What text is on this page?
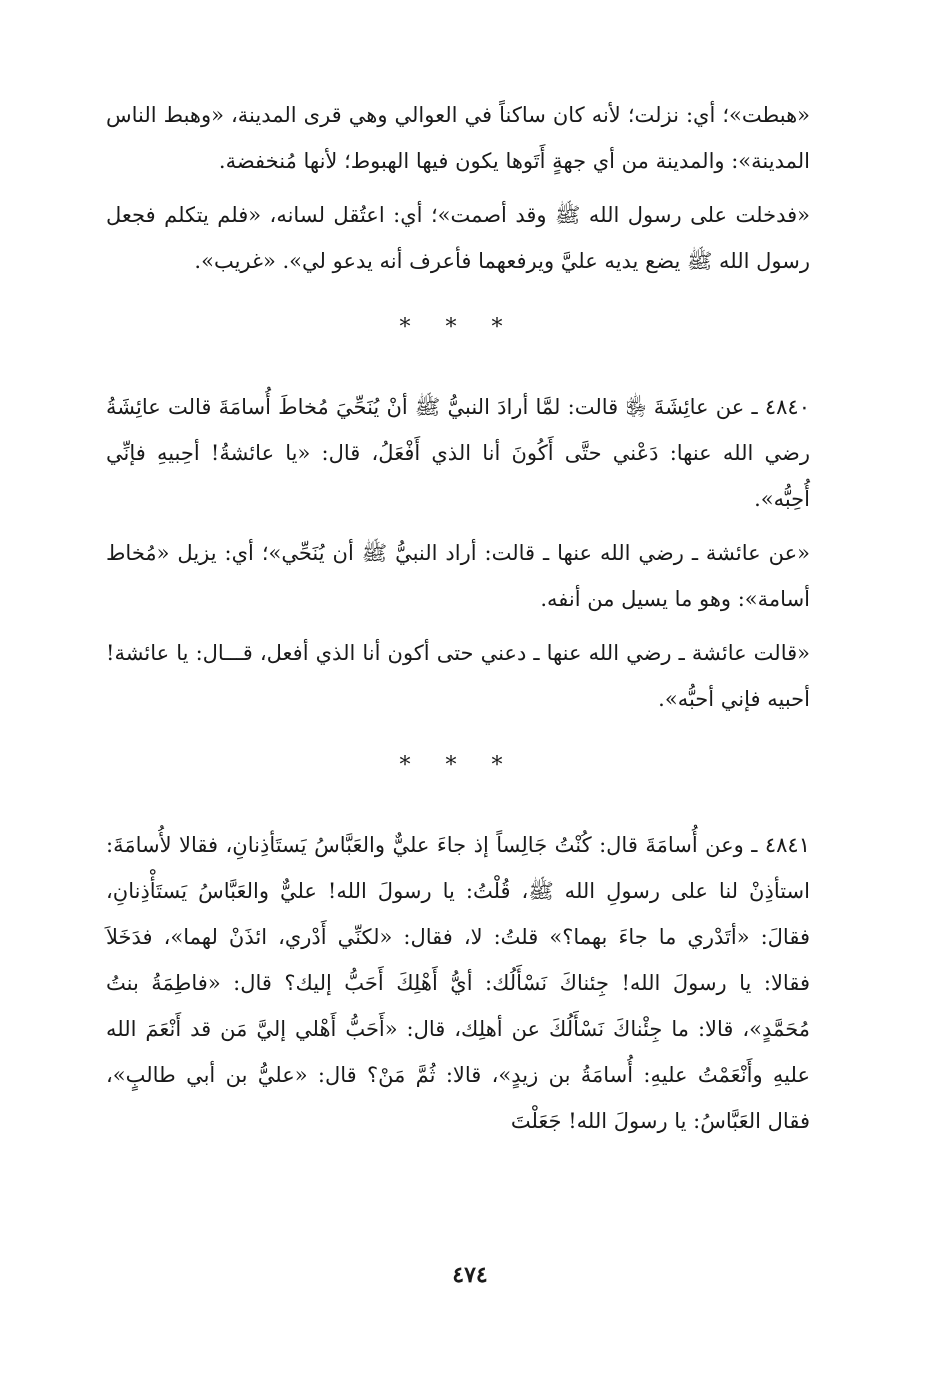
«هبطت»؛ أي: نزلت؛ لأنه كان ساكناً في العوالي وهي قرى المدينة، «وهبط الناس المدينة»: والمدينة من أي جهةٍ أَتَوها يكون فيها الهبوط؛ لأنها مُنخفضة.

«فدخلت على رسول الله ﷺ وقد أصمت»؛ أي: اعتُقل لسانه، «فلم يتكلم فجعل رسول الله ﷺ يضع يديه عليَّ ويرفعهما فأعرف أنه يدعو لي». «غريب».

* * *

٤٨٤٠ ـ عن عائِشَةَ ﵂ قالت: لمَّا أرادَ النبيُّ ﷺ أنْ يُنَحِّيَ مُخاطَ أُسامَةَ قالت عائِشَةُ رضي الله عنها: دَعْني حتَّى أَكُونَ أنا الذي أَفْعَلُ، قال: «يا عائشةُ! أحِبيهِ فإنِّي أُحِبُّه».

«عن عائشة ـ رضي الله عنها ـ قالت: أراد النبيُّ ﷺ أن يُنَحِّي»؛ أي: يزيل «مُخاط أسامة»: وهو ما يسيل من أنفه.

«قالت عائشة ـ رضي الله عنها ـ دعني حتى أكون أنا الذي أفعل، قـــال: يا عائشة! أحبيه فإني أحبُّه».

* * *

٤٨٤١ ـ وعن أُسامَةَ قال: كُنْتُ جَالِساً إذ جاءَ عليٌّ والعَبَّاسُ يَستَأذِنانِ، فقالا لأُسامَةَ: استأذِنْ لنا على رسولِ الله ﷺ، قُلْتُ: يا رسولَ الله! عليٌّ والعَبَّاسُ يَستَأْذِنانِ، فقالَ: «أتَدْري ما جاءَ بهما؟» قلتُ: لا، فقال: «لكنِّي أَدْري، ائذَنْ لهما»، فدَخَلاَ فقالا: يا رسولَ الله! جِئناكَ نَسْأَلُك: أيُّ أَهْلِكَ أَحَبُّ إليك؟ قال: «فاطِمَةُ بنتُ مُحَمَّدٍ»، قالا: ما جِئْناكَ نَسْأَلُكَ عن أهلِك، قال: «أَحَبُّ أَهْلي إليَّ مَن قد أَنْعَمَ الله عليهِ وأَنْعَمْتُ عليهِ: أُسامَةُ بن زيدٍ»، قالا: ثُمَّ مَنْ؟ قال: «عليُّ بن أبي طالبٍ»، فقال العَبَّاسُ: يا رسولَ الله! جَعَلْتَ

٤٧٤
